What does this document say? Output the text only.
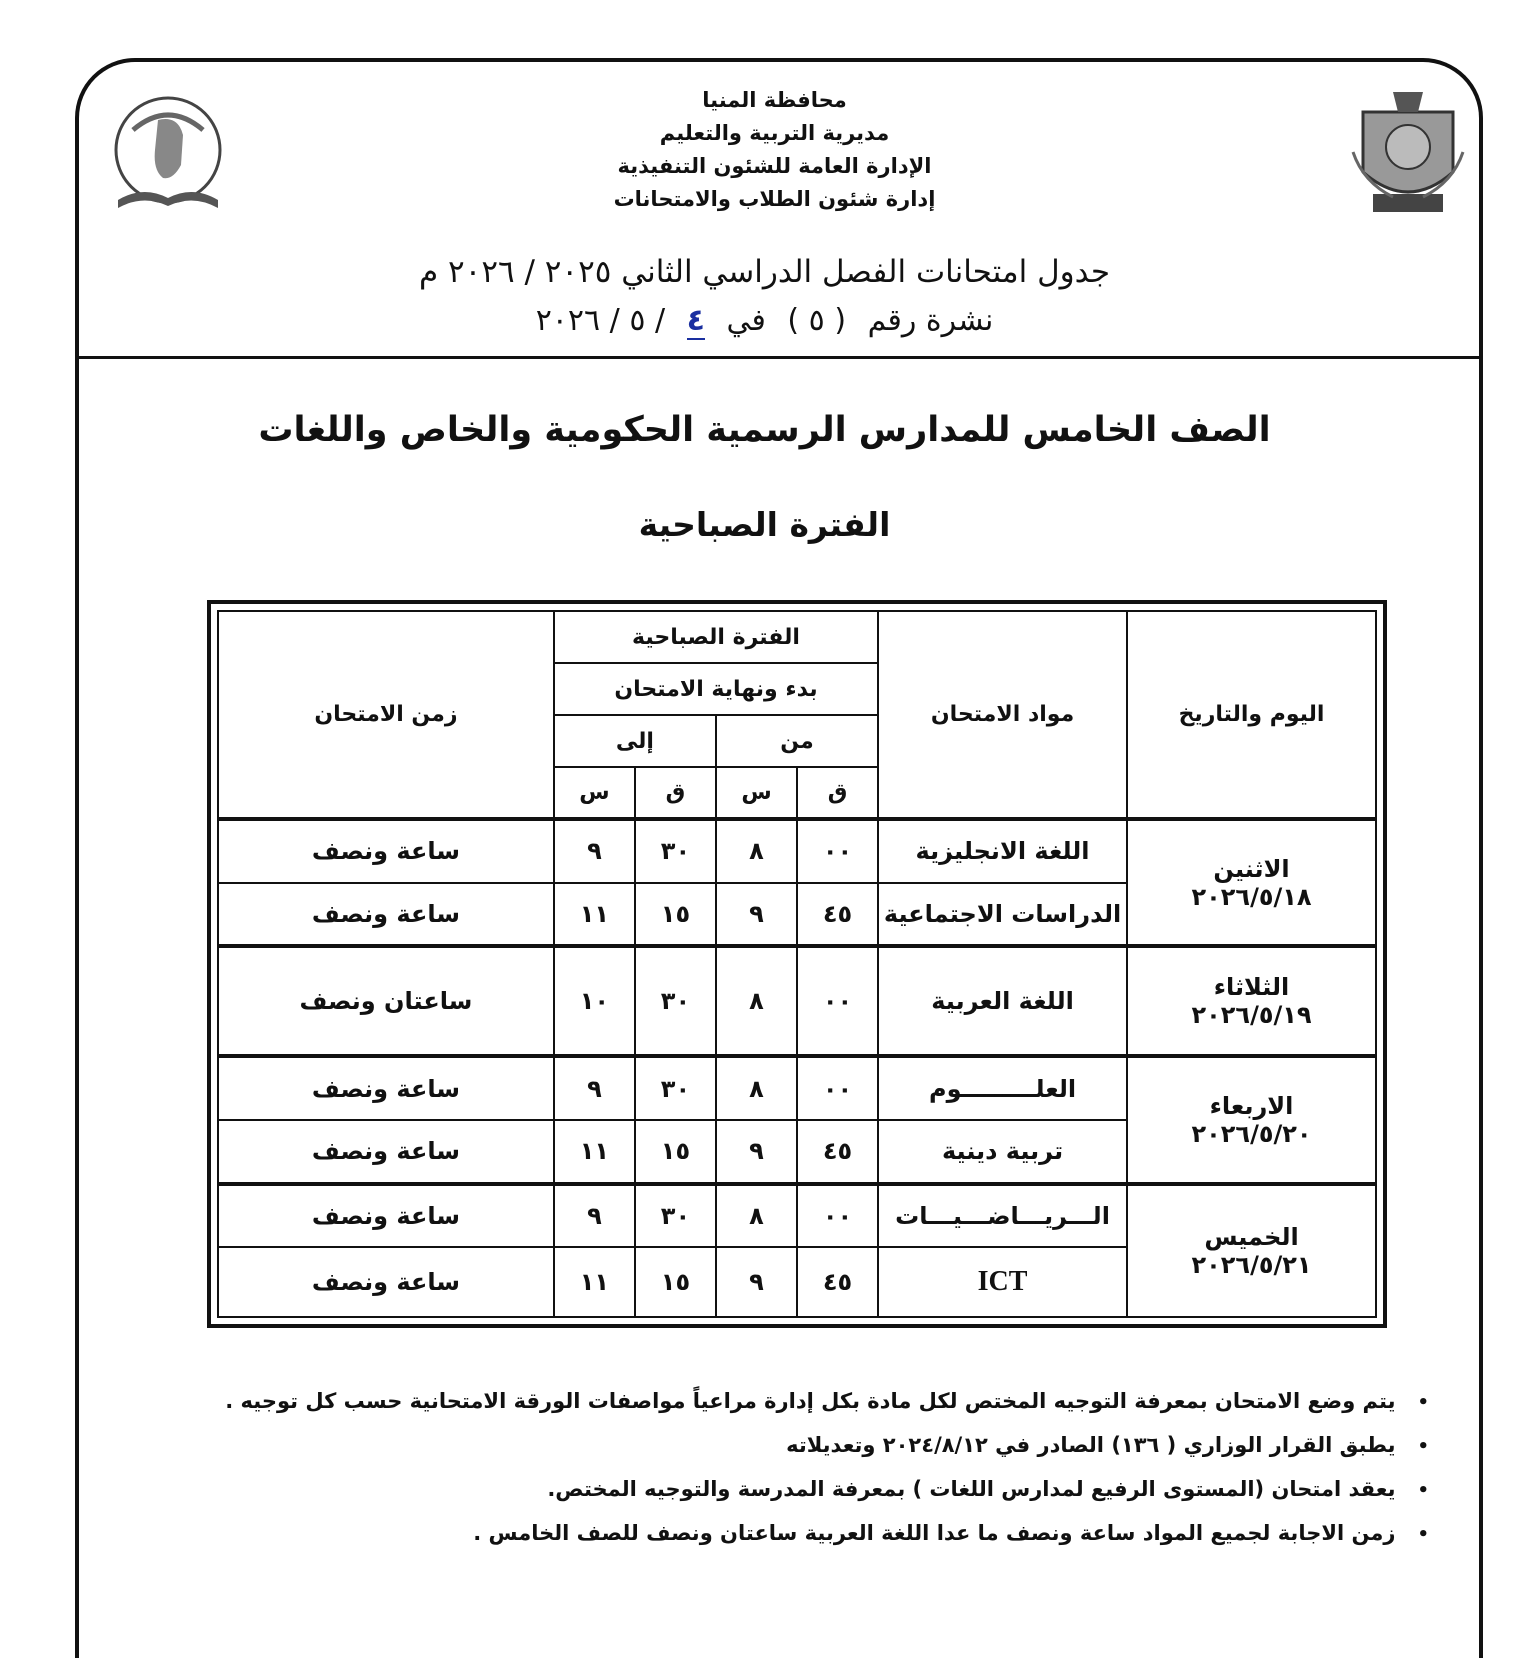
محافظة المنيا
مديرية التربية والتعليم
الإدارة العامة للشئون التنفيذية
إدارة شئون الطلاب والامتحانات
جدول امتحانات الفصل الدراسي الثاني ٢٠٢٥ / ٢٠٢٦ م
نشرة رقم ( ٥ ) في ٤ / ٥ / ٢٠٢٦
الصف الخامس للمدارس الرسمية الحكومية والخاص واللغات
الفترة الصباحية
اليوم والتاريخ	مواد الامتحان	الفترة الصباحية				زمن الامتحان
		بدء ونهاية الامتحان				
		من		إلى		
		ق	س	ق	س	

الاثنين
٢٠٢٦/٥/١٨	اللغة الانجليزية	٠٠	٨	٣٠	٩	ساعة ونصف
	الدراسات الاجتماعية	٤٥	٩	١٥	١١	ساعة ونصف

الثلاثاء
٢٠٢٦/٥/١٩	اللغة العربية	٠٠	٨	٣٠	١٠	ساعتان ونصف

الاربعاء
٢٠٢٦/٥/٢٠	العلـــــــــوم	٠٠	٨	٣٠	٩	ساعة ونصف
	تربية دينية	٤٥	٩	١٥	١١	ساعة ونصف

الخميس
٢٠٢٦/٥/٢١	الـــريـــاضـــيـــات	٠٠	٨	٣٠	٩	ساعة ونصف
	ICT	٤٥	٩	١٥	١١	ساعة ونصف
• يتم وضع الامتحان بمعرفة التوجيه المختص لكل مادة بكل إدارة مراعياً مواصفات الورقة الامتحانية حسب كل توجيه .
• يطبق القرار الوزاري ( ١٣٦) الصادر في ٢٠٢٤/٨/١٢ وتعديلاته
• يعقد امتحان (المستوى الرفيع لمدارس اللغات ) بمعرفة المدرسة والتوجيه المختص.
• زمن الاجابة لجميع المواد ساعة ونصف ما عدا اللغة العربية ساعتان ونصف للصف الخامس .
